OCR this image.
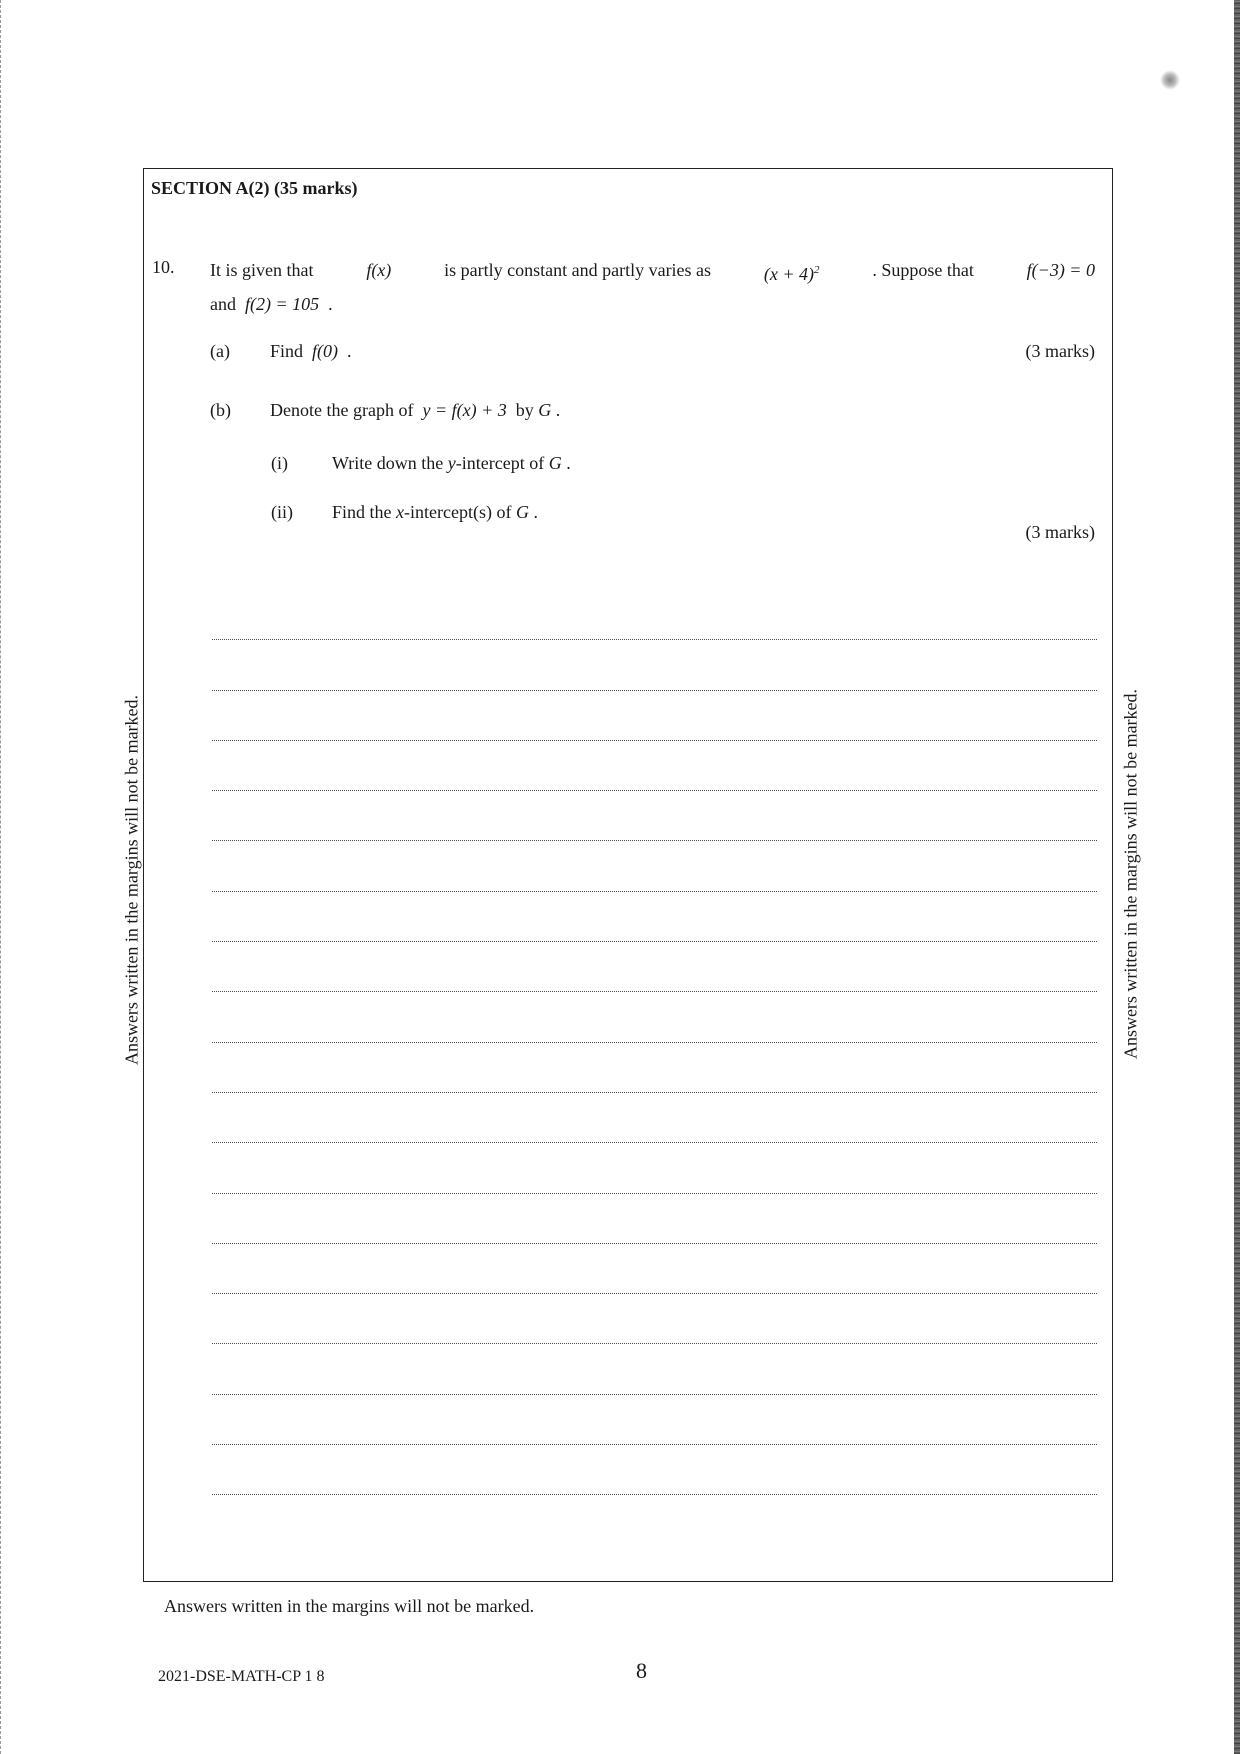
SECTION A(2) (35 marks)
10. It is given that	f(x)	is partly constant and partly varies as	$(x + 4)^2$	. Suppose that	f(−3) = 0
and f(2) = 105 .
(a) Find f(0) .	(3 marks)
(b) Denote the graph of y = f(x) + 3 by G .
(i) Write down the y-intercept of G .
(ii) Find the x-intercept(s) of G .
(3 marks)
Answers written in the margins will not be marked.	Answers written in the margins will not be marked.
Answers written in the margins will not be marked.
2021-DSE-MATH-CP 1 8	8
